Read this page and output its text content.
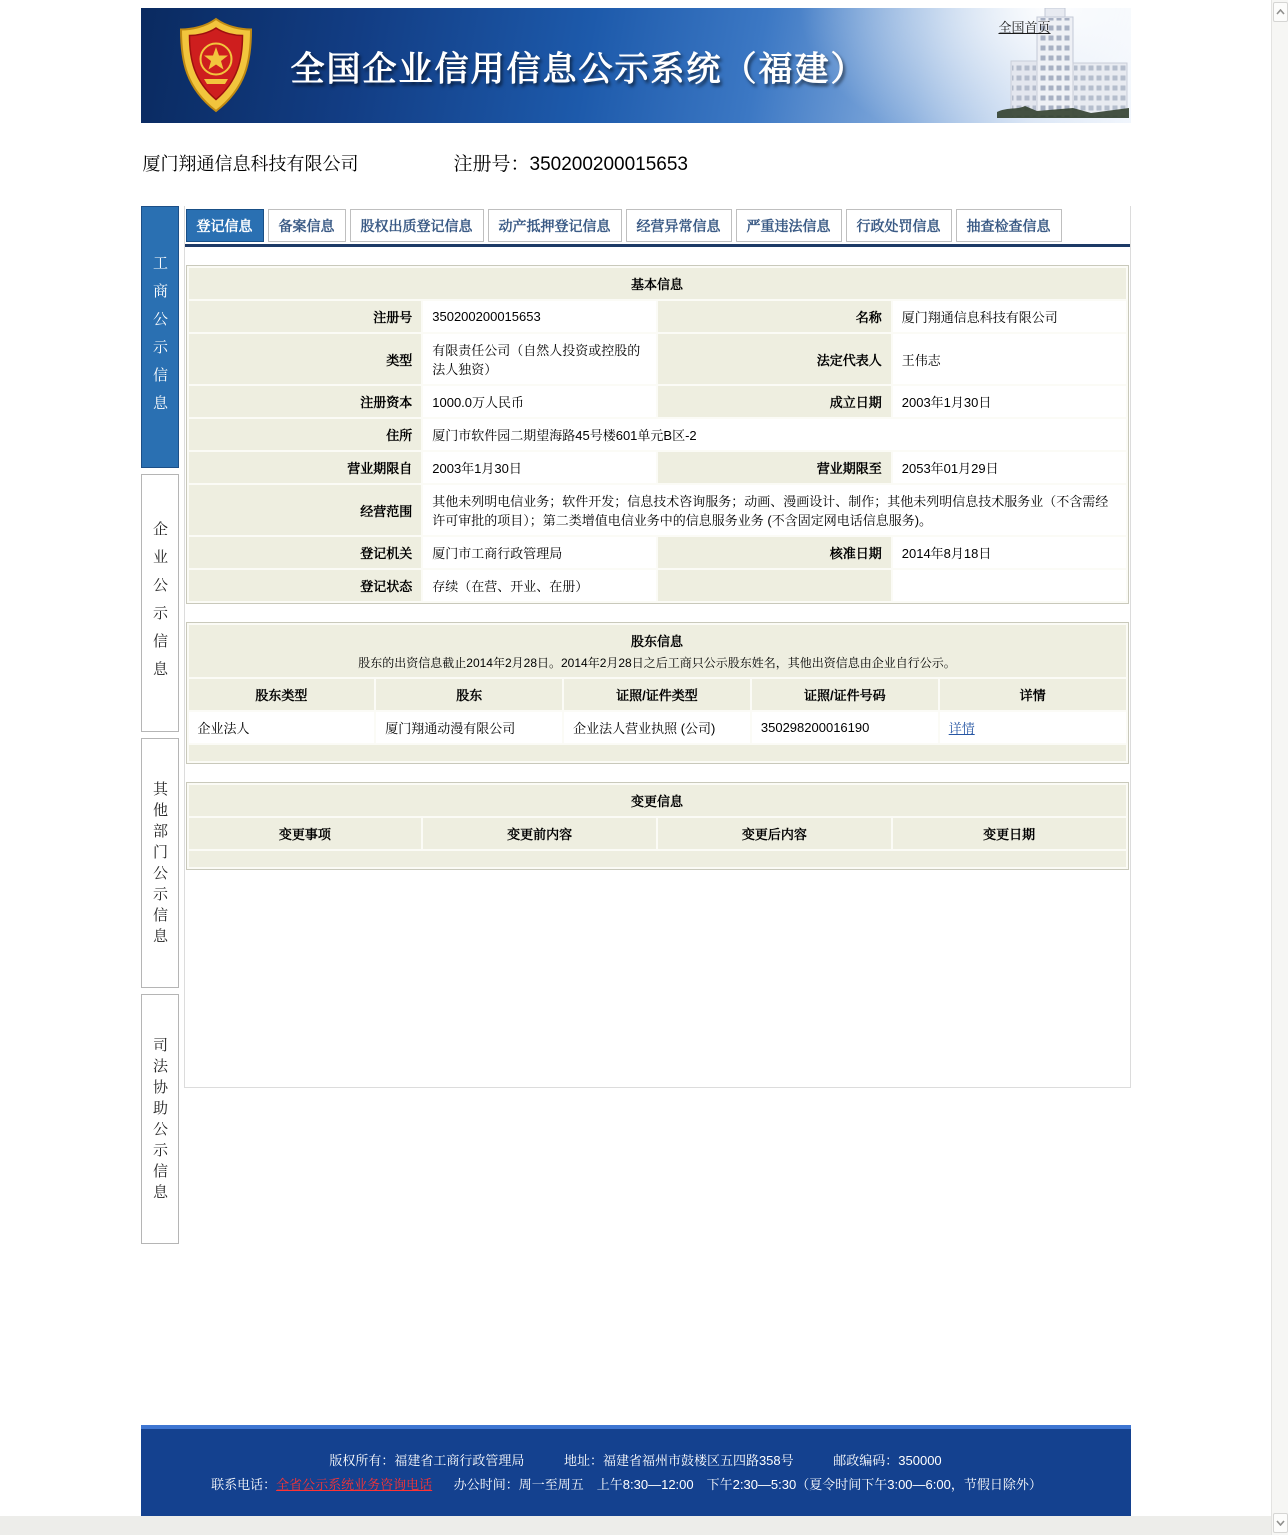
全国企业信用信息公示系统（福建）
全国首页
厦门翔通信息科技有限公司	注册号：350200200015653
工商公示信息
企业公示信息
其他部门公示信息
司法协助公示信息
登记信息	备案信息	股权出质登记信息	动产抵押登记信息	经营异常信息	严重违法信息	行政处罚信息	抽查检查信息
基本信息			
注册号	350200200015653	名称	厦门翔通信息科技有限公司
类型	有限责任公司（自然人投资或控股的法人独资）	法定代表人	王伟志
注册资本	1000.0万人民币	成立日期	2003年1月30日
住所	厦门市软件园二期望海路45号楼601单元B区-2		
营业期限自	2003年1月30日	营业期限至	2053年01月29日
经营范围	其他未列明电信业务；软件开发；信息技术咨询服务；动画、漫画设计、制作；其他未列明信息技术服务业（不含需经许可审批的项目）；第二类增值电信业务中的信息服务业务 (不含固定网电话信息服务)。		
登记机关	厦门市工商行政管理局	核准日期	2014年8月18日
登记状态	存续（在营、开业、在册）		
股东信息
股东的出资信息截止2014年2月28日。2014年2月28日之后工商只公示股东姓名，其他出资信息由企业自行公示。				

股东类型	股东	证照/证件类型	证照/证件号码	详情
企业法人	厦门翔通动漫有限公司	企业法人营业执照 (公司)	350298200016190	详情

变更信息
变更事项	变更前内容	变更后内容	变更日期

版权所有：福建省工商行政管理局	地址：福建省福州市鼓楼区五四路358号	邮政编码：350000
联系电话：全省公示系统业务咨询电话 办公时间：周一至周五　上午8:30—12:00　下午2:30—5:30（夏令时间下午3:00—6:00，节假日除外）
